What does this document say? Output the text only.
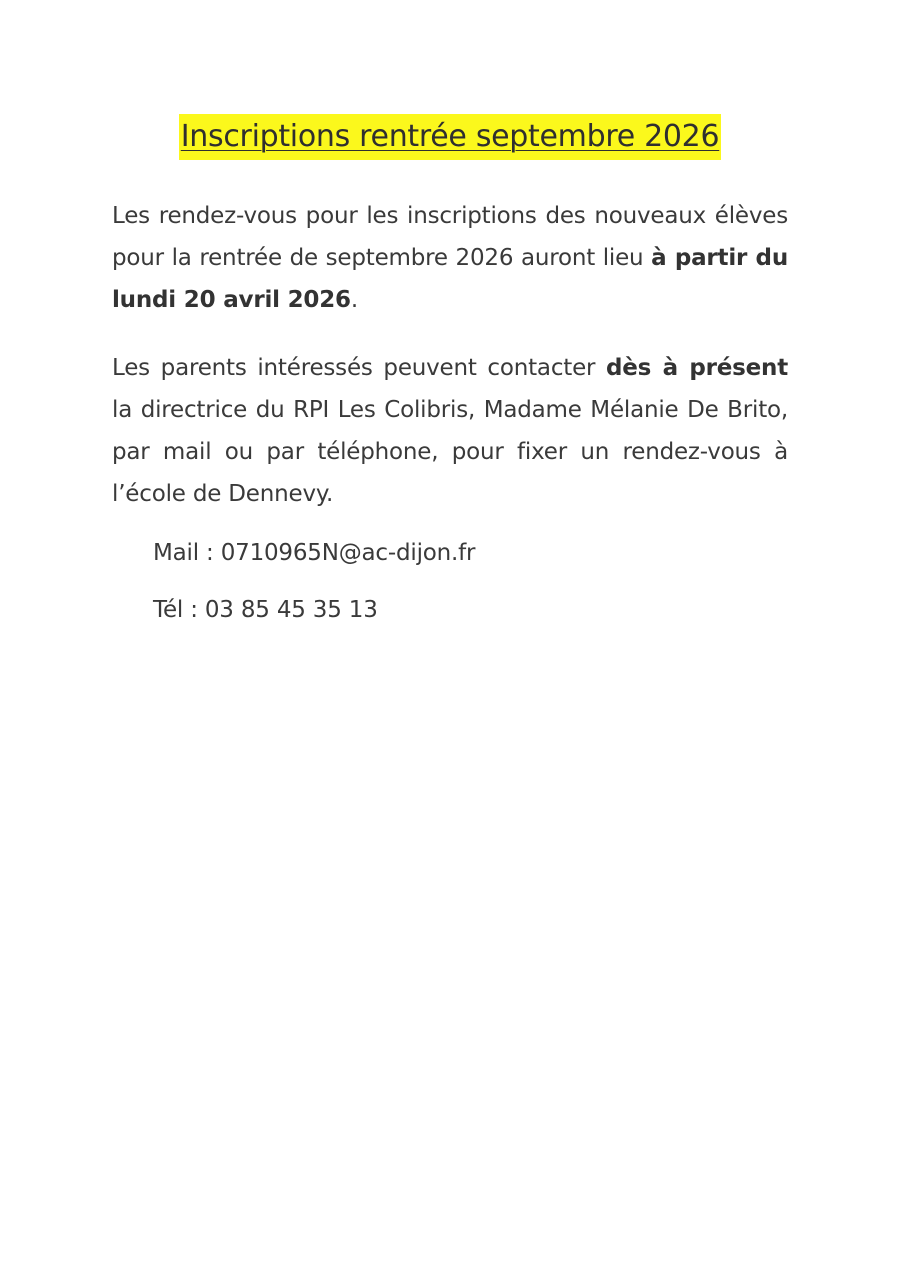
Inscriptions rentrée septembre 2026

Les rendez-vous pour les inscriptions des nouveaux élèves pour la rentrée de septembre 2026 auront lieu à partir du lundi 20 avril 2026.

Les parents intéressés peuvent contacter dès à présent la directrice du RPI Les Colibris, Madame Mélanie De Brito, par mail ou par téléphone, pour fixer un rendez-vous à l’école de Dennevy.

Mail : 0710965N@ac-dijon.fr

Tél : 03 85 45 35 13
